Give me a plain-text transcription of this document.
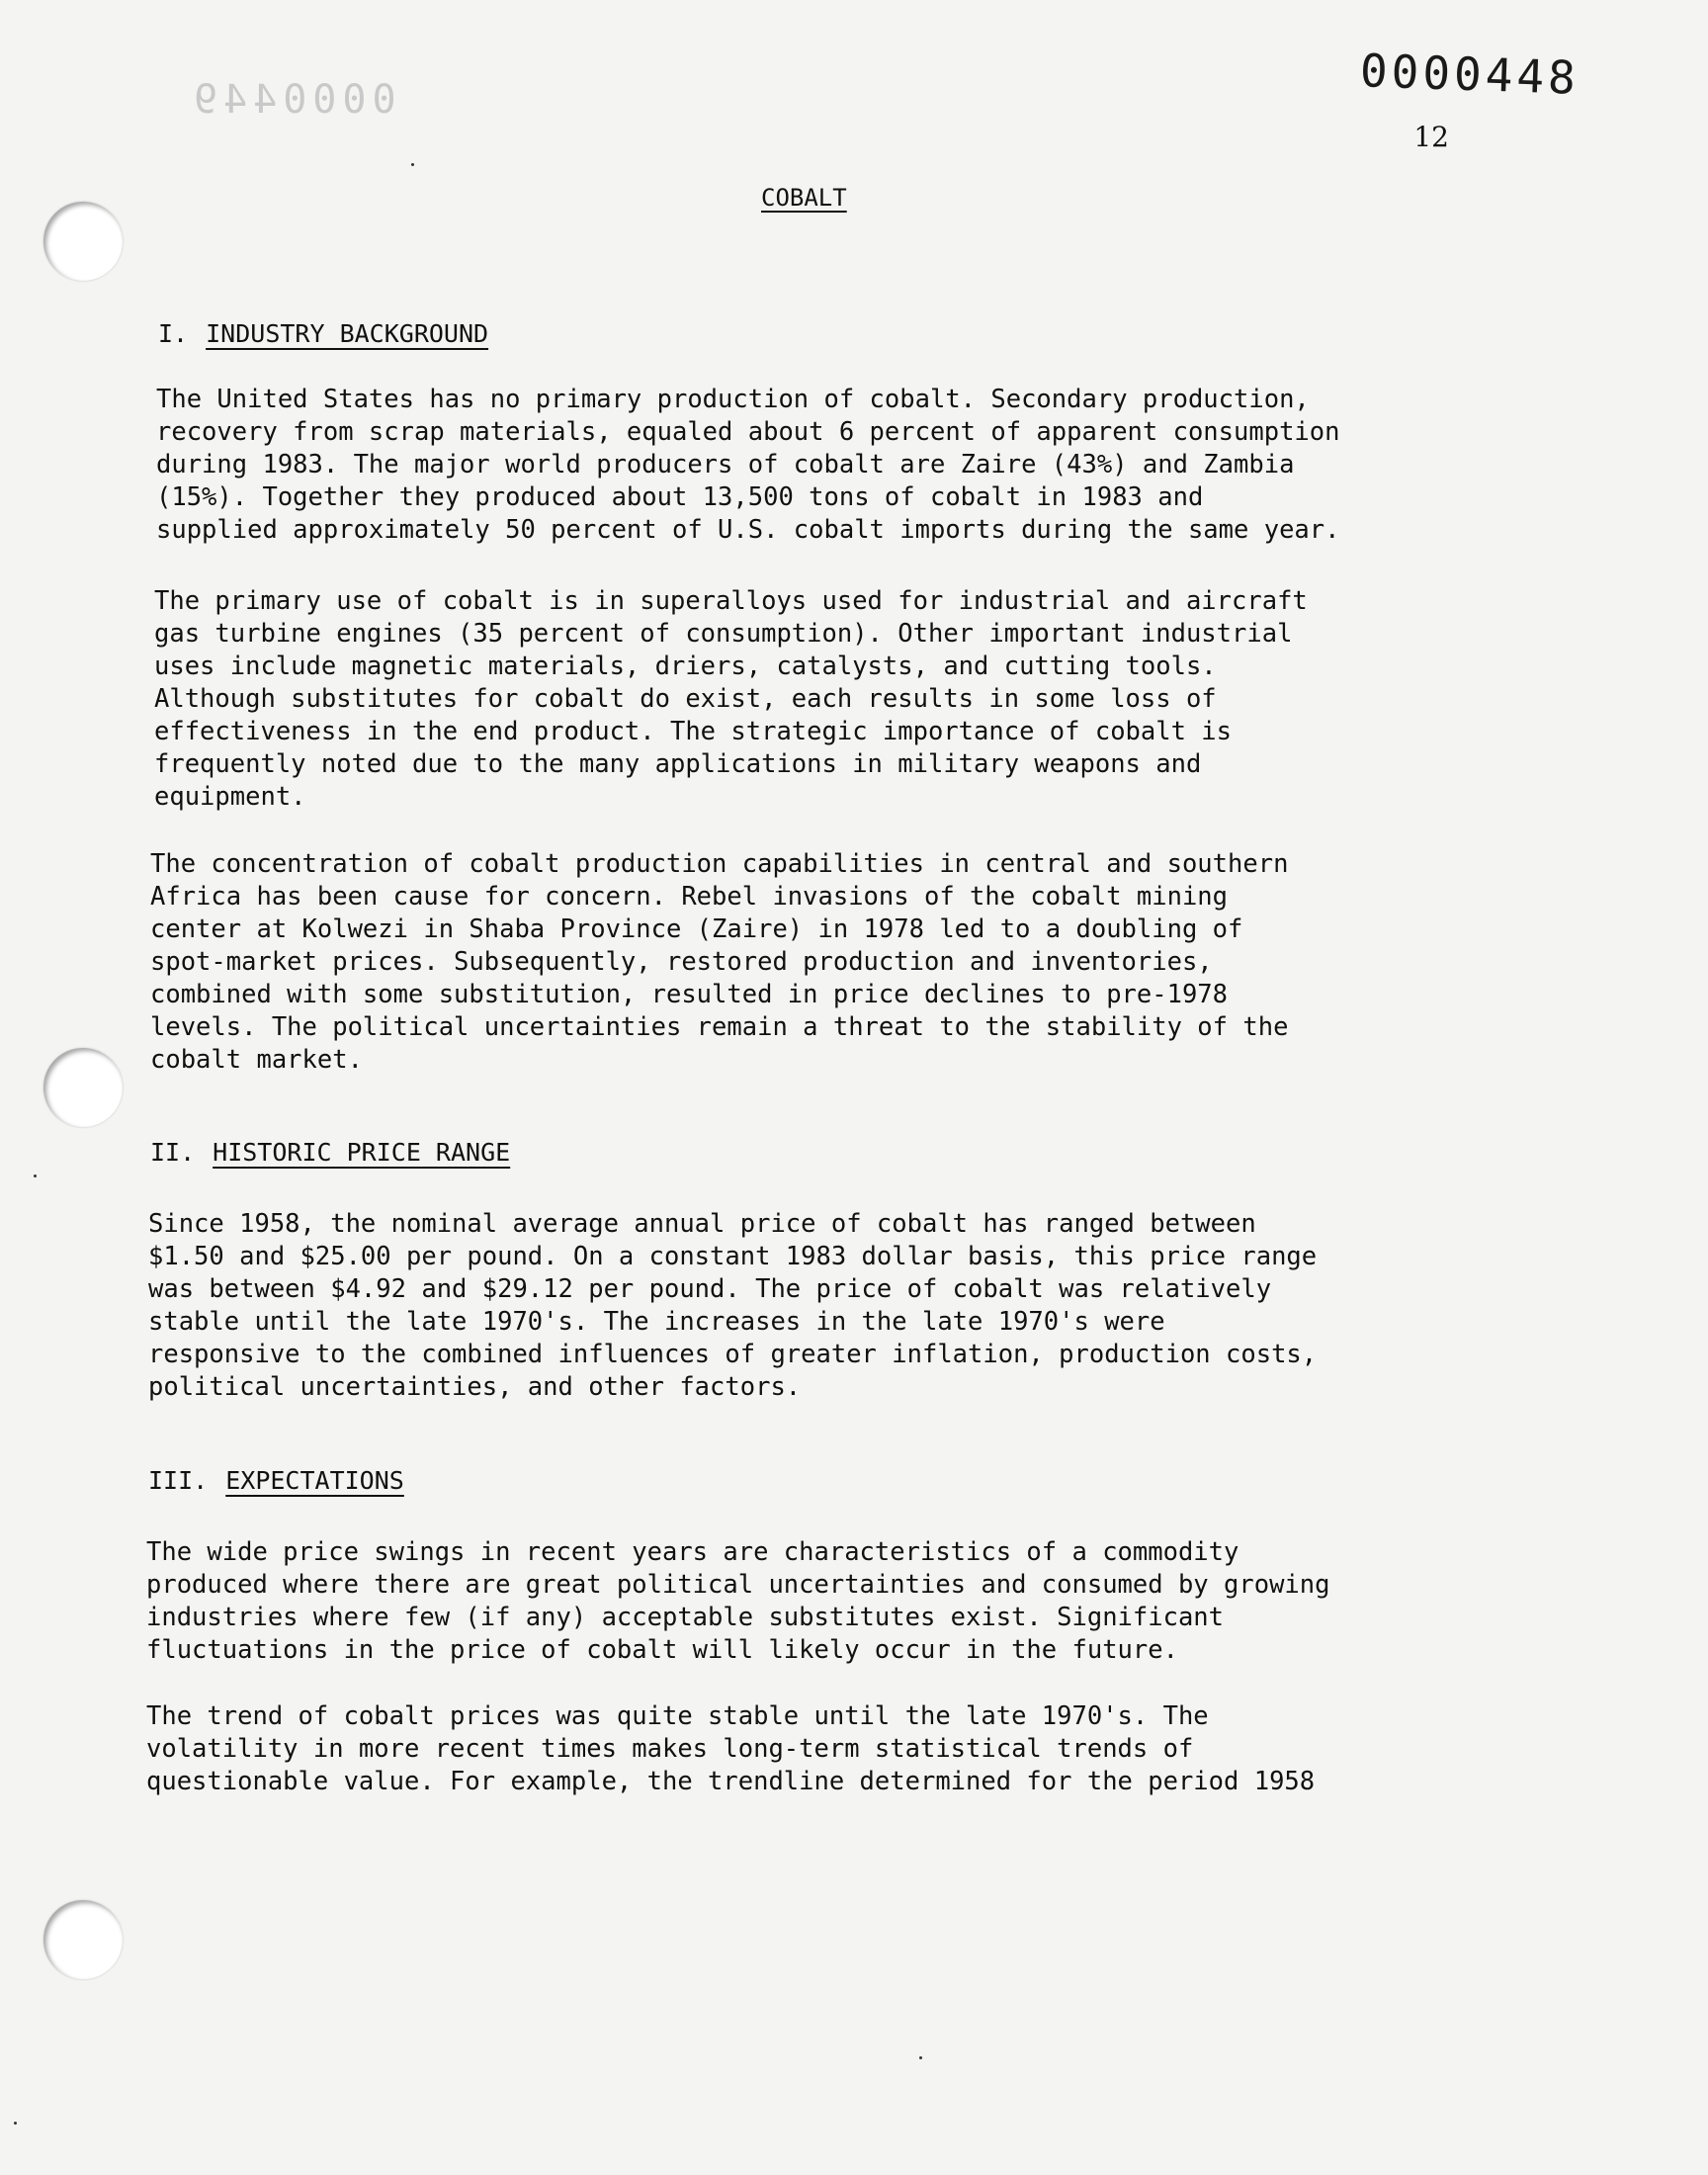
0000449	0000448
12
COBALT
I. INDUSTRY BACKGROUND

The United States has no primary production of cobalt. Secondary production,
recovery from scrap materials, equaled about 6 percent of apparent consumption
during 1983. The major world producers of cobalt are Zaire (43%) and Zambia
(15%). Together they produced about 13,500 tons of cobalt in 1983 and
supplied approximately 50 percent of U.S. cobalt imports during the same year.

The primary use of cobalt is in superalloys used for industrial and aircraft
gas turbine engines (35 percent of consumption). Other important industrial
uses include magnetic materials, driers, catalysts, and cutting tools.
Although substitutes for cobalt do exist, each results in some loss of
effectiveness in the end product. The strategic importance of cobalt is
frequently noted due to the many applications in military weapons and
equipment.

The concentration of cobalt production capabilities in central and southern
Africa has been cause for concern. Rebel invasions of the cobalt mining
center at Kolwezi in Shaba Province (Zaire) in 1978 led to a doubling of
spot-market prices. Subsequently, restored production and inventories,
combined with some substitution, resulted in price declines to pre-1978
levels. The political uncertainties remain a threat to the stability of the
cobalt market.

II. HISTORIC PRICE RANGE

Since 1958, the nominal average annual price of cobalt has ranged between
$1.50 and $25.00 per pound. On a constant 1983 dollar basis, this price range
was between $4.92 and $29.12 per pound. The price of cobalt was relatively
stable until the late 1970's. The increases in the late 1970's were
responsive to the combined influences of greater inflation, production costs,
political uncertainties, and other factors.

III. EXPECTATIONS

The wide price swings in recent years are characteristics of a commodity
produced where there are great political uncertainties and consumed by growing
industries where few (if any) acceptable substitutes exist. Significant
fluctuations in the price of cobalt will likely occur in the future.

The trend of cobalt prices was quite stable until the late 1970's. The
volatility in more recent times makes long-term statistical trends of
questionable value. For example, the trendline determined for the period 1958
